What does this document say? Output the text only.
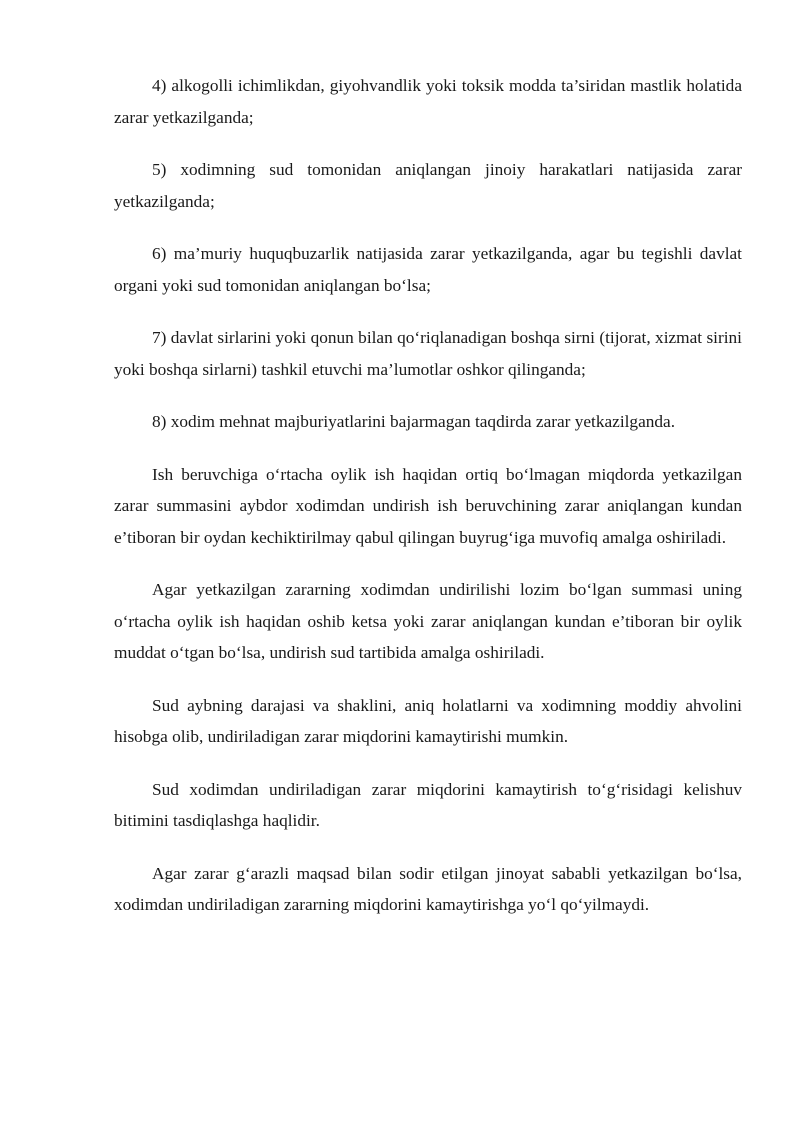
4) alkogolli ichimlikdan, giyohvandlik yoki toksik modda ta’siridan mastlik holatida zarar yetkazilganda;

5) xodimning sud tomonidan aniqlangan jinoiy harakatlari natijasida zarar yetkazilganda;

6) ma’muriy huquqbuzarlik natijasida zarar yetkazilganda, agar bu tegishli davlat organi yoki sud tomonidan aniqlangan bo‘lsa;

7) davlat sirlarini yoki qonun bilan qo‘riqlanadigan boshqa sirni (tijorat, xizmat sirini yoki boshqa sirlarni) tashkil etuvchi ma’lumotlar oshkor qilinganda;

8) xodim mehnat majburiyatlarini bajarmagan taqdirda zarar yetkazilganda.

Ish beruvchiga o‘rtacha oylik ish haqidan ortiq bo‘lmagan miqdorda yetkazilgan zarar summasini aybdor xodimdan undirish ish beruvchining zarar aniqlangan kundan e’tiboran bir oydan kechiktirilmay qabul qilingan buyrug‘iga muvofiq amalga oshiriladi.

Agar yetkazilgan zararning xodimdan undirilishi lozim bo‘lgan summasi uning o‘rtacha oylik ish haqidan oshib ketsa yoki zarar aniqlangan kundan e’tiboran bir oylik muddat o‘tgan bo‘lsa, undirish sud tartibida amalga oshiriladi.

Sud aybning darajasi va shaklini, aniq holatlarni va xodimning moddiy ahvolini hisobga olib, undiriladigan zarar miqdorini kamaytirishi mumkin.

Sud xodimdan undiriladigan zarar miqdorini kamaytirish to‘g‘risidagi kelishuv bitimini tasdiqlashga haqlidir.

Agar zarar g‘arazli maqsad bilan sodir etilgan jinoyat sababli yetkazilgan bo‘lsa, xodimdan undiriladigan zararning miqdorini kamaytirishga yo‘l qo‘yilmaydi.
